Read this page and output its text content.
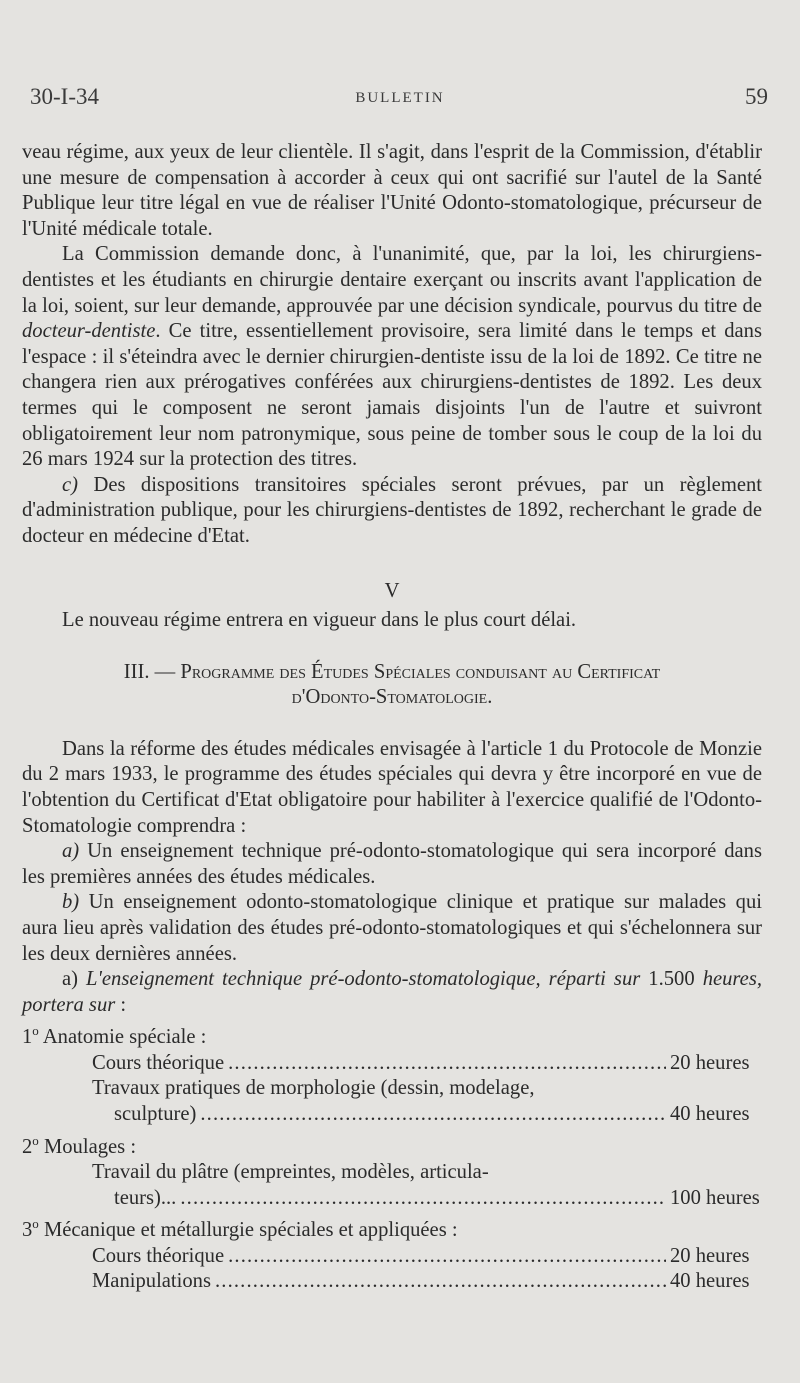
30-I-34	BULLETIN	59

veau régime, aux yeux de leur clientèle. Il s'agit, dans l'esprit de la Commission, d'établir une mesure de compensation à accorder à ceux qui ont sacrifié sur l'autel de la Santé Publique leur titre légal en vue de réaliser l'Unité Odonto-stomatologique, précurseur de l'Unité médicale totale.

La Commission demande donc, à l'unanimité, que, par la loi, les chirurgiens-dentistes et les étudiants en chirurgie dentaire exerçant ou inscrits avant l'application de la loi, soient, sur leur demande, approuvée par une décision syndicale, pourvus du titre de docteur-dentiste. Ce titre, essentiellement provisoire, sera limité dans le temps et dans l'espace : il s'éteindra avec le dernier chirurgien-dentiste issu de la loi de 1892. Ce titre ne changera rien aux prérogatives conférées aux chirurgiens-dentistes de 1892. Les deux termes qui le composent ne seront jamais disjoints l'un de l'autre et suivront obligatoirement leur nom patronymique, sous peine de tomber sous le coup de la loi du 26 mars 1924 sur la protection des titres.

c) Des dispositions transitoires spéciales seront prévues, par un règlement d'administration publique, pour les chirurgiens-dentistes de 1892, recherchant le grade de docteur en médecine d'Etat.

V

Le nouveau régime entrera en vigueur dans le plus court délai.

III. — Programme des Études Spéciales conduisant au Certificat
d'Odonto-Stomatologie.

Dans la réforme des études médicales envisagée à l'article 1 du Protocole de Monzie du 2 mars 1933, le programme des études spéciales qui devra y être incorporé en vue de l'obtention du Certificat d'Etat obligatoire pour habiliter à l'exercice qualifié de l'Odonto-Stomatologie comprendra :

a) Un enseignement technique pré-odonto-stomatologique qui sera incorporé dans les premières années des études médicales.

b) Un enseignement odonto-stomatologique clinique et pratique sur malades qui aura lieu après validation des études pré-odonto-stomatologiques et qui s'échelonnera sur les deux dernières années.

a) L'enseignement technique pré-odonto-stomatologique, réparti sur 1.500 heures, portera sur :

1$^o$ Anatomie spéciale :
Cours théorique . . .	20 heures
Travaux pratiques de morphologie (dessin, modelage,
sculpture) . . .	40 heures
2$^o$ Moulages :
Travail du plâtre (empreintes, modèles, articula-
teurs)... . . .	100 heures
3$^o$ Mécanique et métallurgie spéciales et appliquées :
Cours théorique . . .	20 heures
Manipulations . . .	40 heures
